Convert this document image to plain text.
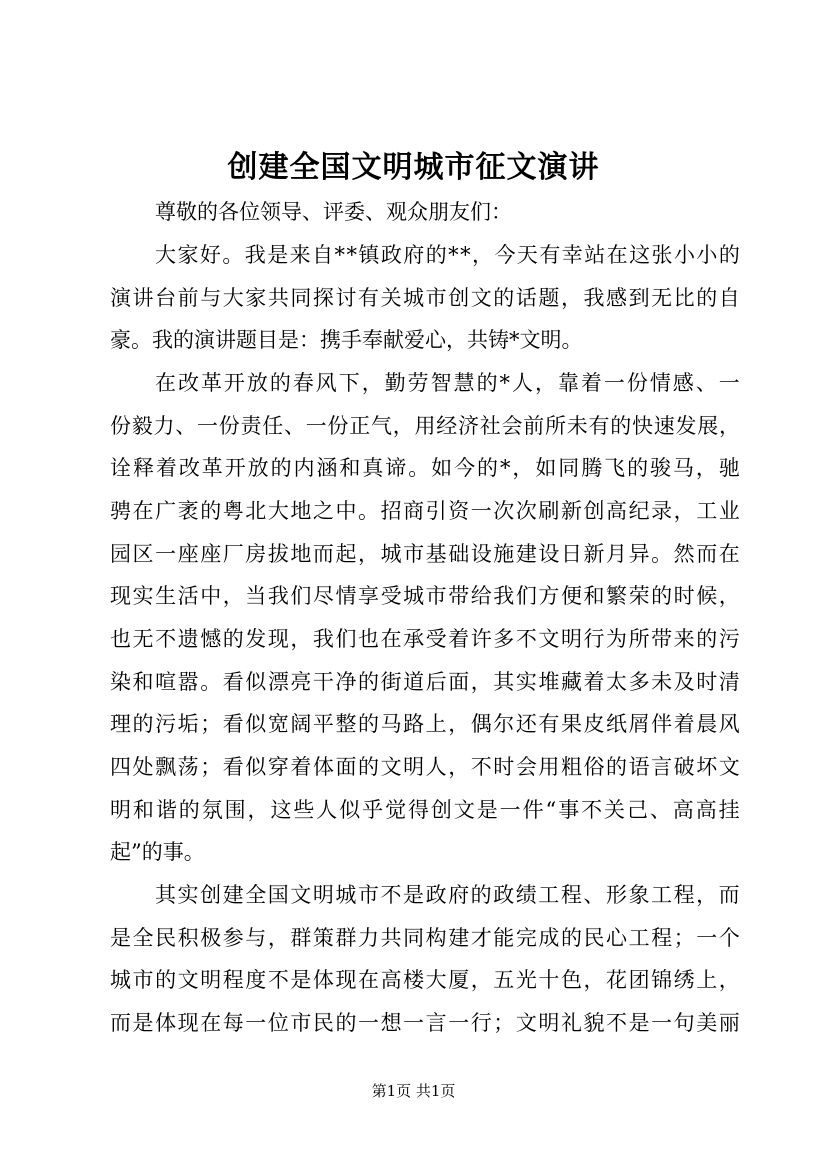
创建全国文明城市征文演讲
尊敬的各位领导、评委、观众朋友们：
大 家 好 。 我 是 来 自 * * 镇 政 府 的 * * ， 今 天 有 幸 站 在 这 张 小 小 的
演 讲 台 前 与 大 家 共 同 探 讨 有 关 城 市 创 文 的 话 题 ， 我 感 到 无 比 的 自
豪。我的演讲题目是：携手奉献爱心，共铸*文明。
在 改 革 开 放 的 春 风 下 ， 勤 劳 智 慧 的 * 人 ， 靠 着 一 份 情 感 、 一
份 毅 力 、 一 份 责 任 、 一 份 正 气 ， 用 经 济 社 会 前 所 未 有 的 快 速 发 展 ，
诠 释 着 改 革 开 放 的 内 涵 和 真 谛 。 如 今 的 * ， 如 同 腾 飞 的 骏 马 ， 驰
骋 在 广 袤 的 粤 北 大 地 之 中 。 招 商 引 资 一 次 次 刷 新 创 高 纪 录 ， 工 业
园 区 一 座 座 厂 房 拔 地 而 起 ， 城 市 基 础 设 施 建 设 日 新 月 异 。 然 而 在
现 实 生 活 中 ， 当 我 们 尽 情 享 受 城 市 带 给 我 们 方 便 和 繁 荣 的 时 候 ，
也 无 不 遗 憾 的 发 现 ， 我 们 也 在 承 受 着 许 多 不 文 明 行 为 所 带 来 的 污
染 和 喧 嚣 。 看 似 漂 亮 干 净 的 街 道 后 面 ， 其 实 堆 藏 着 太 多 未 及 时 清
理 的 污 垢 ； 看 似 宽 阔 平 整 的 马 路 上 ， 偶 尔 还 有 果 皮 纸 屑 伴 着 晨 风
四 处 飘 荡 ； 看 似 穿 着 体 面 的 文 明 人 ， 不 时 会 用 粗 俗 的 语 言 破 坏 文
明 和 谐 的 氛 围 ， 这 些 人 似 乎 觉 得 创 文 是 一 件 “ 事 不 关 己 、 高 高 挂
起”的事。
其 实 创 建 全 国 文 明 城 市 不 是 政 府 的 政 绩 工 程 、 形 象 工 程 ， 而
是 全 民 积 极 参 与 ， 群 策 群 力 共 同 构 建 才 能 完 成 的 民 心 工 程 ； 一 个
城 市 的 文 明 程 度 不 是 体 现 在 高 楼 大 厦 ， 五 光 十 色 ， 花 团 锦 绣 上 ，
而 是 体 现 在 每 一 位 市 民 的 一 想 一 言 一 行 ； 文 明 礼 貌 不 是 一 句 美 丽
第1页 共1页
